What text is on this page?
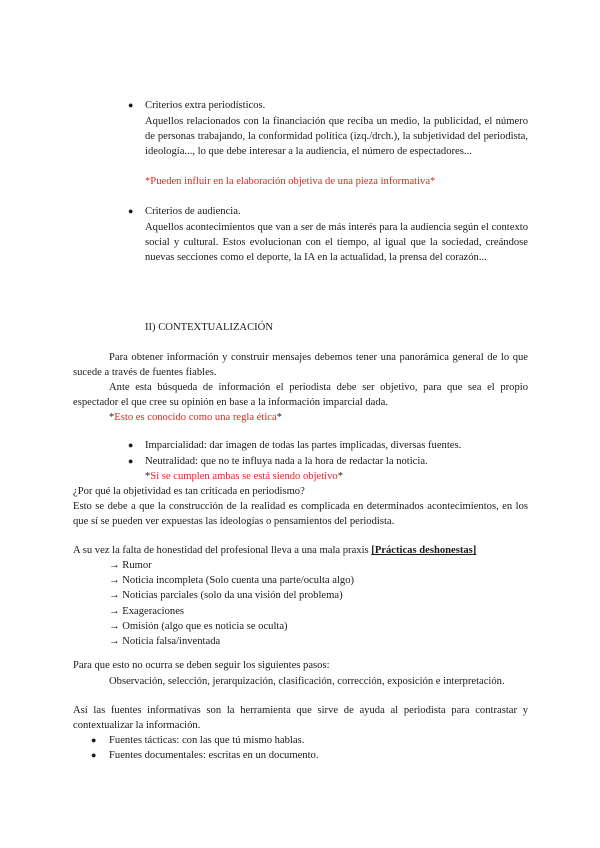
● Criterios extra periodísticos.

Aquellos relacionados con la financiación que reciba un medio, la publicidad, el número de personas trabajando, la conformidad política (izq./drch.), la subjetividad del periodista, ideología..., lo que debe interesar a la audiencia, el número de espectadores...

*Pueden influir en la elaboración objetiva de una pieza informativa*

● Criterios de audiencia.

Aquellos acontecimientos que van a ser de más interés para la audiencia según el contexto social y cultural. Estos evolucionan con el tiempo, al igual que la sociedad, creándose nuevas secciones como el deporte, la IA en la actualidad, la prensa del corazón...

II) CONTEXTUALIZACIÓN

Para obtener información y construir mensajes debemos tener una panorámica general de lo que sucede a través de fuentes fiables.

Ante esta búsqueda de información el periodista debe ser objetivo, para que sea el propio espectador el que cree su opinión en base a la información imparcial dada.

*Esto es conocido como una regla ética*

● Imparcialidad: dar imagen de todas las partes implicadas, diversas fuentes.

● Neutralidad: que no te influya nada a la hora de redactar la noticia.

*Si se cumplen ambas se está siendo objetivo*

¿Por qué la objetividad es tan criticada en periodismo?

Esto se debe a que la construcción de la realidad es complicada en determinados acontecimientos, en los que sí se pueden ver expuestas las ideologías o pensamientos del periodista.

A su vez la falta de honestidad del profesional lleva a una mala praxis [Prácticas deshonestas]

→ Rumor

→ Noticia incompleta (Solo cuenta una parte/oculta algo)

→ Noticias parciales (solo da una visión del problema)

→ Exageraciones

→ Omisión (algo que es noticia se oculta)

→ Noticia falsa/inventada

Para que esto no ocurra se deben seguir los siguientes pasos:

Observación, selección, jerarquización, clasificación, corrección, exposición e interpretación.

Así las fuentes informativas son la herramienta que sirve de ayuda al periodista para contrastar y contextualizar la información.

● Fuentes tácticas: con las que tú mismo hablas.

● Fuentes documentales: escritas en un documento.
